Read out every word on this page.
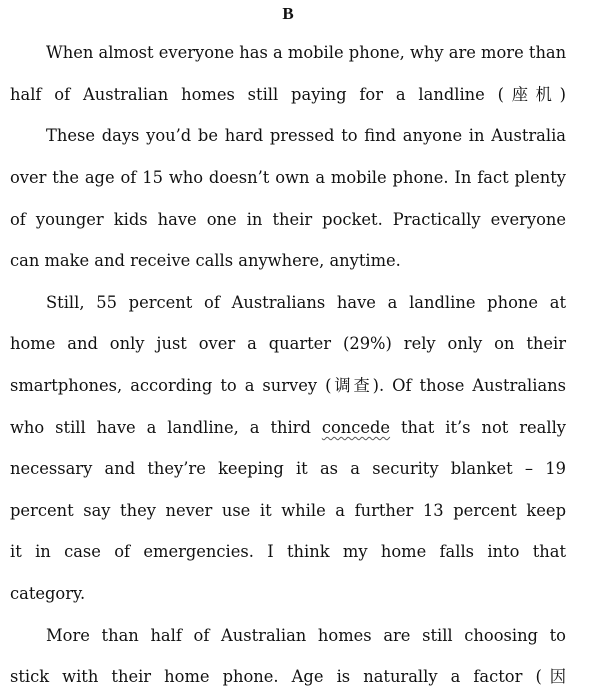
B
When almost everyone has a mobile phone, why are more than
half of Australian homes still paying for a landline (座机)
These days you’d be hard pressed to find anyone in Australia
over the age of 15 who doesn’t own a mobile phone. In fact plenty
of younger kids have one in their pocket. Practically everyone
can make and receive calls anywhere, anytime.
Still, 55 percent of Australians have a landline phone at
home and only just over a quarter (29%) rely only on their
smartphones, according to a survey (调查). Of those Australians
who still have a landline, a third concede that it’s not really
necessary and they’re keeping it as a security blanket – 19
percent say they never use it while a further 13 percent keep
it in case of emergencies. I think my home falls into that
category.
More than half of Australian homes are still choosing to
stick with their home phone. Age is naturally a factor (因
